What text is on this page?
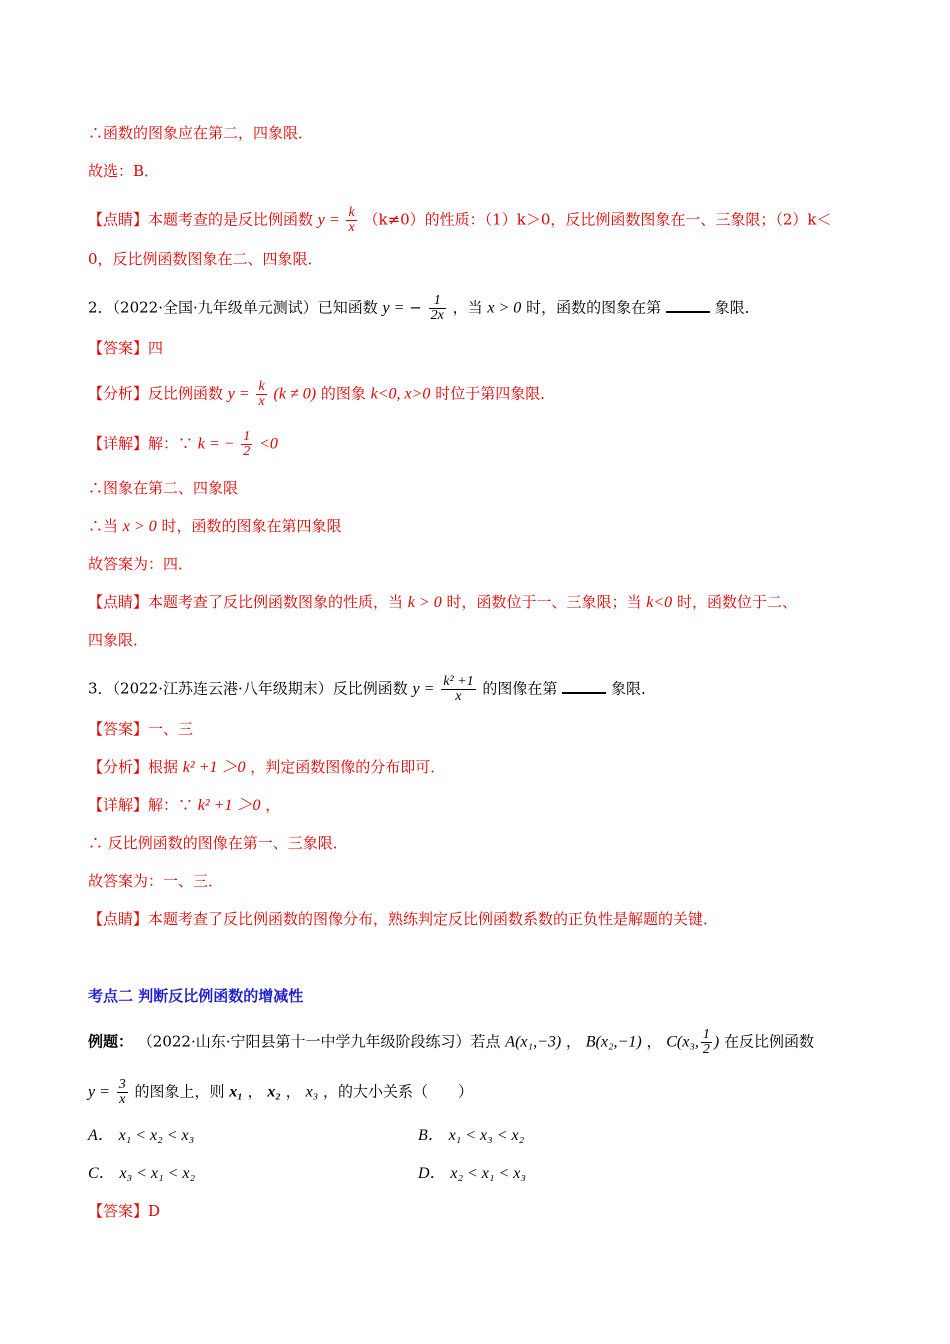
∴函数的图象应在第二，四象限．
故选：B．
【点睛】本题考查的是反比例函数 $y = \frac{k}{x} (k\ne 0)$的性质：（1）k＞0，反比例函数图象在一、三象限；（2）k＜
0，反比例函数图象在二、四象限．
2．（2022·全国·九年级单元测试）已知函数 y = − $\frac{1}{2x}$ ，当 x > 0 时，函数的图象在第	象限．
【答案】四
【分析】反比例函数 $y = \frac{k}{x} (k \ne 0)$ 的图象 k<0, x>0 时位于第四象限．
【详解】解：∵ k = − $\frac{1}{2} <0$
∴图象在第二、四象限
∴当 x > 0 时，函数的图象在第四象限
故答案为：四．
【点睛】本题考查了反比例函数图象的性质，当 k > 0 时，函数位于一、三象限；当 k<0 时，函数位于二、
四象限．
3．（2022·江苏连云港·八年级期末）反比例函数 $y = \frac{\text{k² +1}}{x}$ 的图像在第	象限．
【答案】一、三
【分析】根据 k² +1 ＞0 ，判定函数图像的分布即可．
【详解】解：∵ k² +1 ＞0 ，
∴ 反比例函数的图像在第一、三象限．
故答案为：一、三．
【点睛】本题考查了反比例函数的图像分布，熟练判定反比例函数系数的正负性是解题的关键．
考点二 判断反比例函数的增减性
例题： （2022·山东·宁阳县第十一中学九年级阶段练习）若点 A(x₁,−3) ， B(x₂,−1) ， C(x₃, $\frac{1}{2}$ ) 在反比例函数
$y = \frac{3}{x}$ 的图象上，则 x₁ ， x₂ ， x₃ ，的大小关系（　　）
A． x₁ < x₂ < x₃	B． x₁ < x₃ < x₂
C． x₃ < x₁ < x₂	D． x₂ < x₁ < x₃
【答案】D
